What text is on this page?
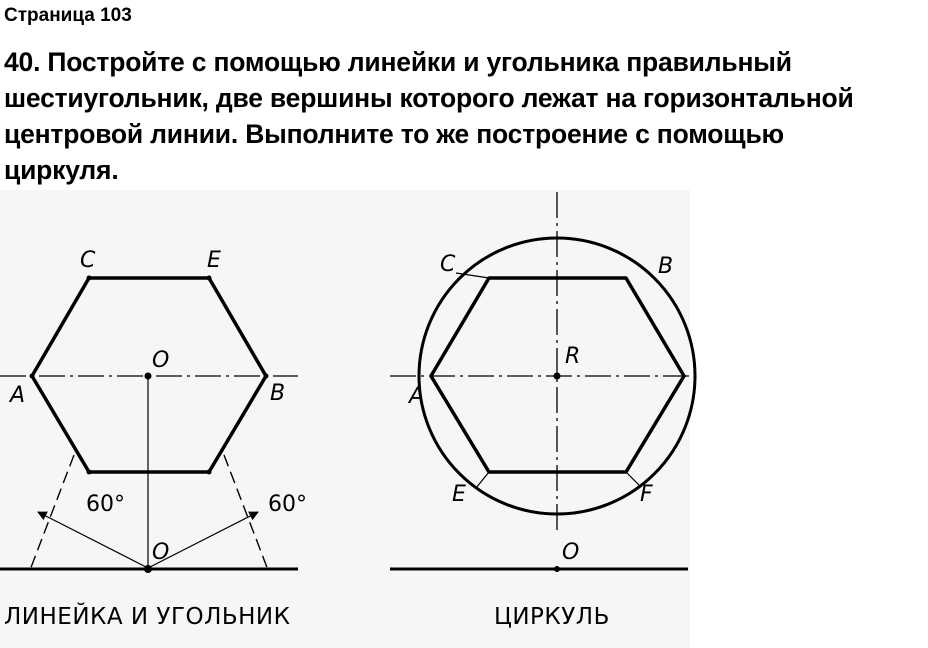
Страница 103
40. Постройте с помощью линейки и угольника правильный
шестиугольник, две вершины которого лежат на горизонтальной
центровой линии. Выполните то же построение с помощью
циркуля.
C	E
O
A	B
60°	60°
O
C	B
R
A
E	F
O
ЛИНЕЙКА И УГОЛЬНИК	ЦИРКУЛЬ
